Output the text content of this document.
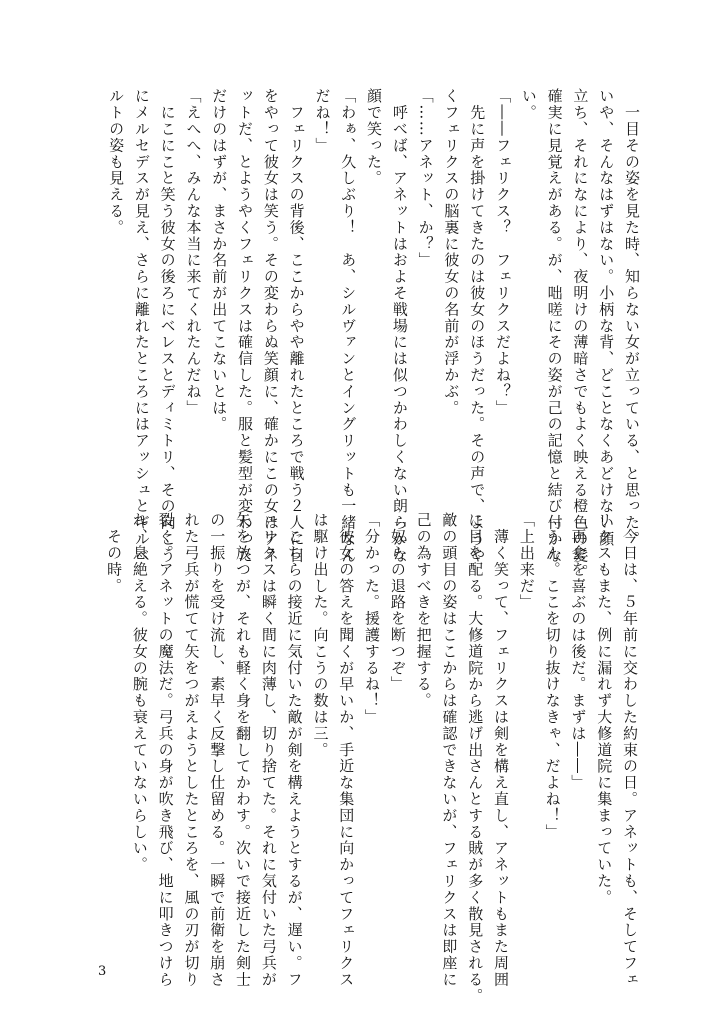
　一目その姿を見た時、知らない女が立っている、と思った。
いや、そんなはずはない。小柄な背、どことなくあどけない顔
立ち、それになにより、夜明けの薄暗さでもよく映える橙色の髪。
確実に見覚えがある。が、咄嗟にその姿が己の記憶と結び付かな
い。
「――フェリクス？　フェリクスだよね？」
　先に声を掛けてきたのは彼女のほうだった。その声で、ようや
くフェリクスの脳裏に彼女の名前が浮かぶ。
「……アネット、か？」
　呼べば、アネットはおよそ戦場には似つかわしくない朗らかな
顔で笑った。
「わぁ、久しぶり！　あ、シルヴァンとイングリットも一緒なん
だね！」
　フェリクスの背後、ここからやや離れたところで戦う２人に目
をやって彼女は笑う。その変わらぬ笑顔に、確かにこの女はアネ
ットだ、とようやくフェリクスは確信した。服と髪型が変わった
だけのはずが、まさか名前が出てこないとは。
「えへへ、みんな本当に来てくれたんだね」
　にこにこと笑う彼女の後ろにベレスとディミトリ、その向こう
にメルセデスが見え、さらに離れたところにはアッシュとギルベ
ルトの姿も見える。
　今日は、５年前に交わした約束の日。アネットも、そしてフェ
リクスもまた、例に漏れず大修道院に集まっていた。
「再会を喜ぶのは後だ。まずは――」
「うん。ここを切り抜けなきゃ、だよね！」
「上出来だ」
　薄く笑って、フェリクスは剣を構え直し、アネットもまた周囲
に目を配る。大修道院から逃げ出さんとする賊が多く散見される。
敵の頭目の姿はここからは確認できないが、フェリクスは即座に
己の為すべきを把握する。
「奴らの退路を断つぞ」
「分かった。援護するね！」
　彼女の答えを聞くが早いか、手近な集団に向かってフェリクス
は駆け出した。向こうの数は三。
　こちらの接近に気付いた敵が剣を構えようとするが、遅い。フ
ェリクスは瞬く間に肉薄し、切り捨てた。それに気付いた弓兵が
矢を放つが、それも軽く身を翻してかわす。次いで接近した剣士
の一振りを受け流し、素早く反撃し仕留める。一瞬で前衛を崩さ
れた弓兵が慌てて矢をつがえようとしたところを、風の刃が切り
裂く。アネットの魔法だ。弓兵の身が吹き飛び、地に叩きつけら
れ、息絶える。彼女の腕も衰えていないらしい。
　その時。
3
